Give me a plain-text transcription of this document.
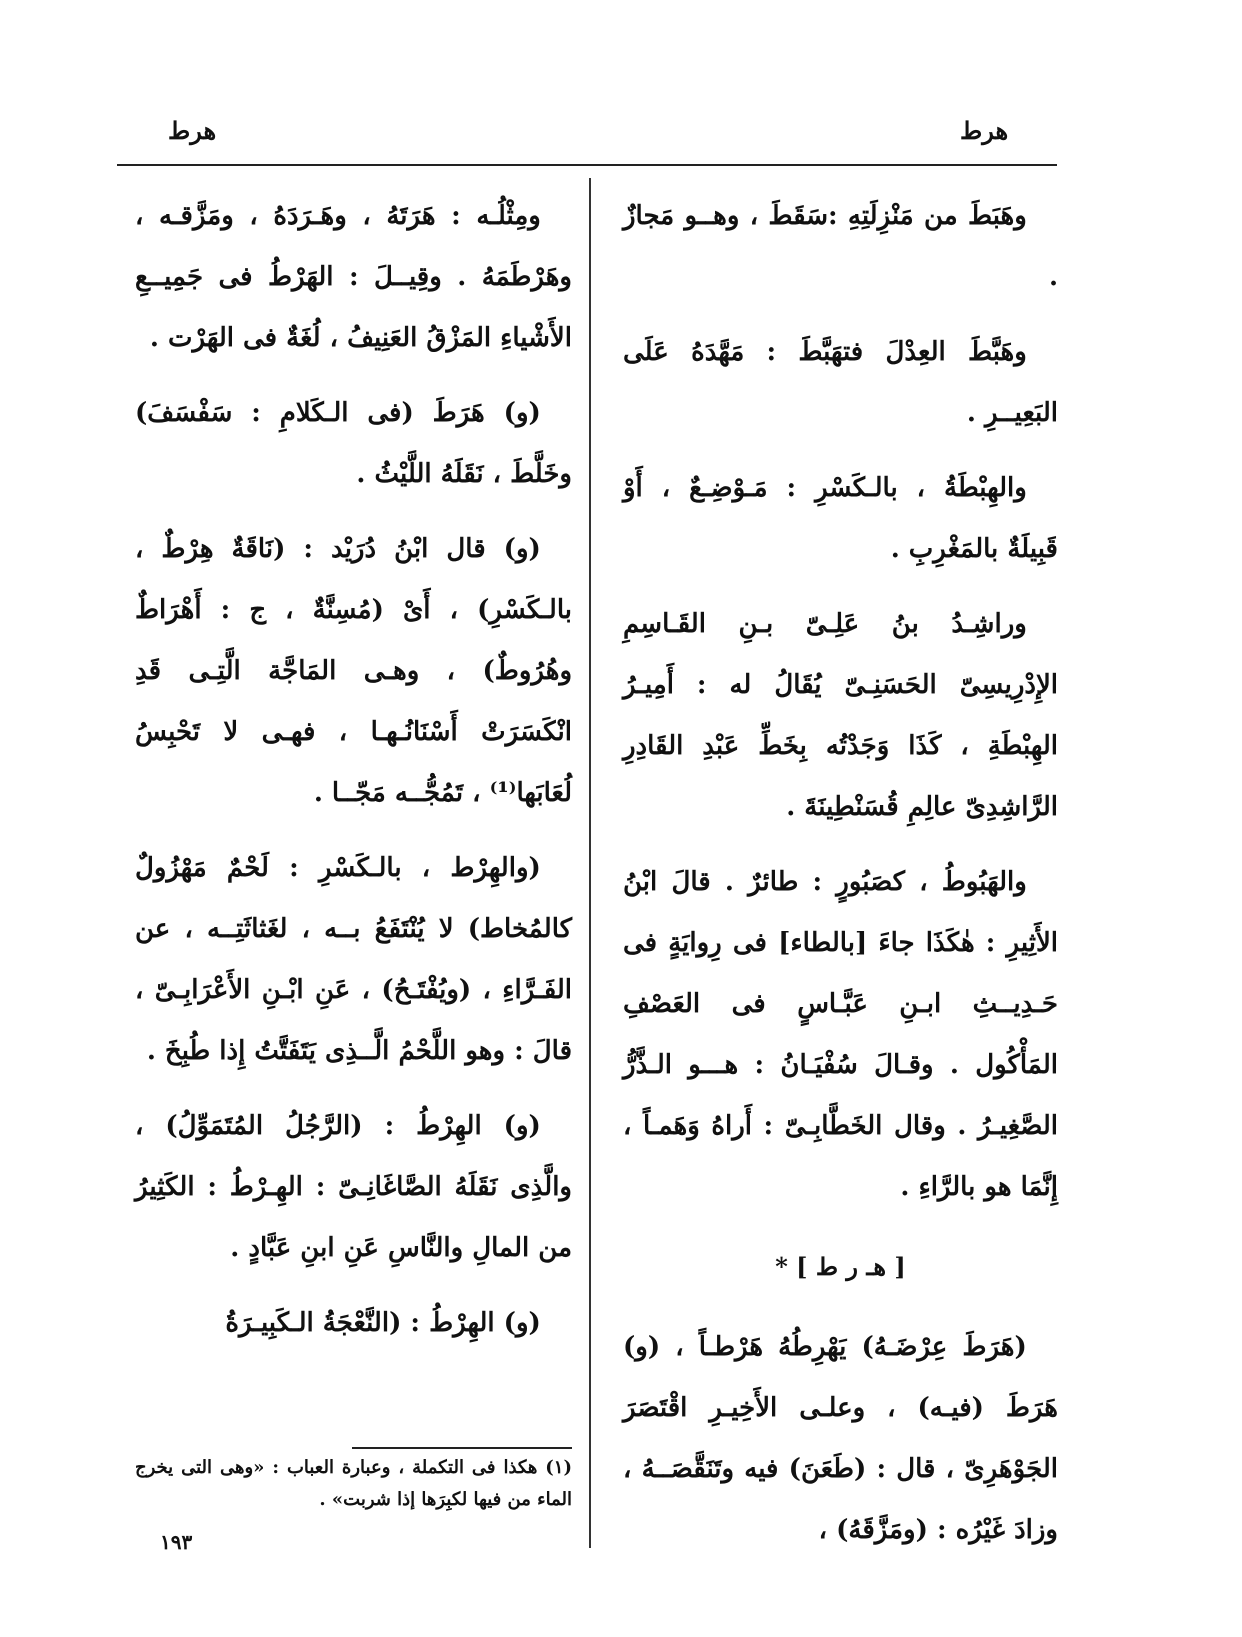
هرط
هرط

وهَبَطَ من مَنْزِلَتِهِ :سَقَطَ ، وهــو مَجازٌ .

وهَبَّطَ العِدْلَ فتهَبَّطَ : مَهَّدَهُ عَلَى البَعِيــرِ .

والهِبْطَةُ ، بالـكَسْرِ : مَـوْضِـعٌ ، أَوْ قَبِيلَةٌ بالمَغْرِبِ .

وراشِـدُ بنُ عَلِـىّ بـنِ القَـاسِمِ الإِدْرِيسِىّ الحَسَنِـىّ يُقَالُ له : أَمِيـرُ الهِبْطَةِ ، كَذَا وَجَدْتُه بِخَطِّ عَبْدِ القَادِرِ الرَّاشِدِىّ عالِمِ قُسَنْطِينَةَ .

والهَبُوطُ ، كصَبُورٍ : طائرٌ . قالَ ابْنُ الأَثِيرِ : هٰكَذَا جاءَ [بالطاء] فى رِوايَةٍ فى حَـدِيــثِ ابـنِ عَبَّـاسٍ فى العَصْفِ المَأْكُول . وقـالَ سُفْيَـانُ : هـــو الـذَّرُّ الصَّغِيـرُ . وقال الخَطَّابِـىّ : أَراهُ وَهَمـاً ، إِنَّمَا هو بالرَّاءِ .

[ هـ ر ط ] *

(هَرَطَ عِرْضَـهُ) يَهْرِطُهُ هَرْطـاً ، (و) هَرَطَ (فيـه) ، وعلـى الأَخِيـرِ اقْتَصَرَ الجَوْهَرِىّ ، قال : (طَعَنَ) فيه وتَنَقَّصَــهُ ، وزادَ غَيْرُه : (ومَزَّقَهُ) ،

ومِثْلُـه : هَرَتَهُ ، وهَـرَدَهُ ، ومَزَّقـه ، وهَرْطَمَهُ . وقِيــلَ : الهَرْطُ فى جَمِيــعِ الأَشْياءِ المَزْقُ العَنِيفُ ، لُغَةٌ فى الهَرْت .

(و) هَرَطَ (فى الـكَلامِ : سَفْسَفَ) وخَلَّطَ ، نَقَلَهُ اللَّيْثُ .

(و) قال ابْنُ دُرَيْد : (نَاقَةٌ هِرْطٌ ، بالـكَسْرِ) ، أَىْ (مُسِنَّةٌ ، ج : أَهْرَاطٌ وهُرُوطٌ) ، وهـى المَاجَّة الَّتِـى قَدِ انْكَسَرَتْ أَسْنَانُـهـا ، فهـى لا تَحْبِسُ لُعَابَها⁽¹⁾ ، تَمُجُّــه مَجّــا .

(والهِرْط ، بالـكَسْرِ : لَحْمٌ مَهْزُولٌ كالمُخاط) لا يُنْتَفَعُ بــه ، لغَثاثَتِــه ، عن الفَـرَّاءِ ، (ويُفْتَـحُ) ، عَنِ ابْـنِ الأَعْرَابِـىّ ، قالَ : وهو اللَّحْمُ الَّــذِى يَتَفَتَّتُ إِذا طُبِخَ .

(و) الهِرْطُ : (الرَّجُلُ المُتَمَوِّلُ) ، والَّذِى نَقَلَهُ الصَّاغَانِـىّ : الهِـرْطُ : الكَثِيرُ من المالِ والنَّاسِ عَنِ ابنِ عَبَّادٍ .

(و) الهِرْطُ : (النَّعْجَةُ الـكَبِيـرَةُ

(١) هكذا فى التكملة ، وعبارة العباب : «وهى التى يخرج الماء من فيها لكبِرَها إذا شربت» .
١٩٣
